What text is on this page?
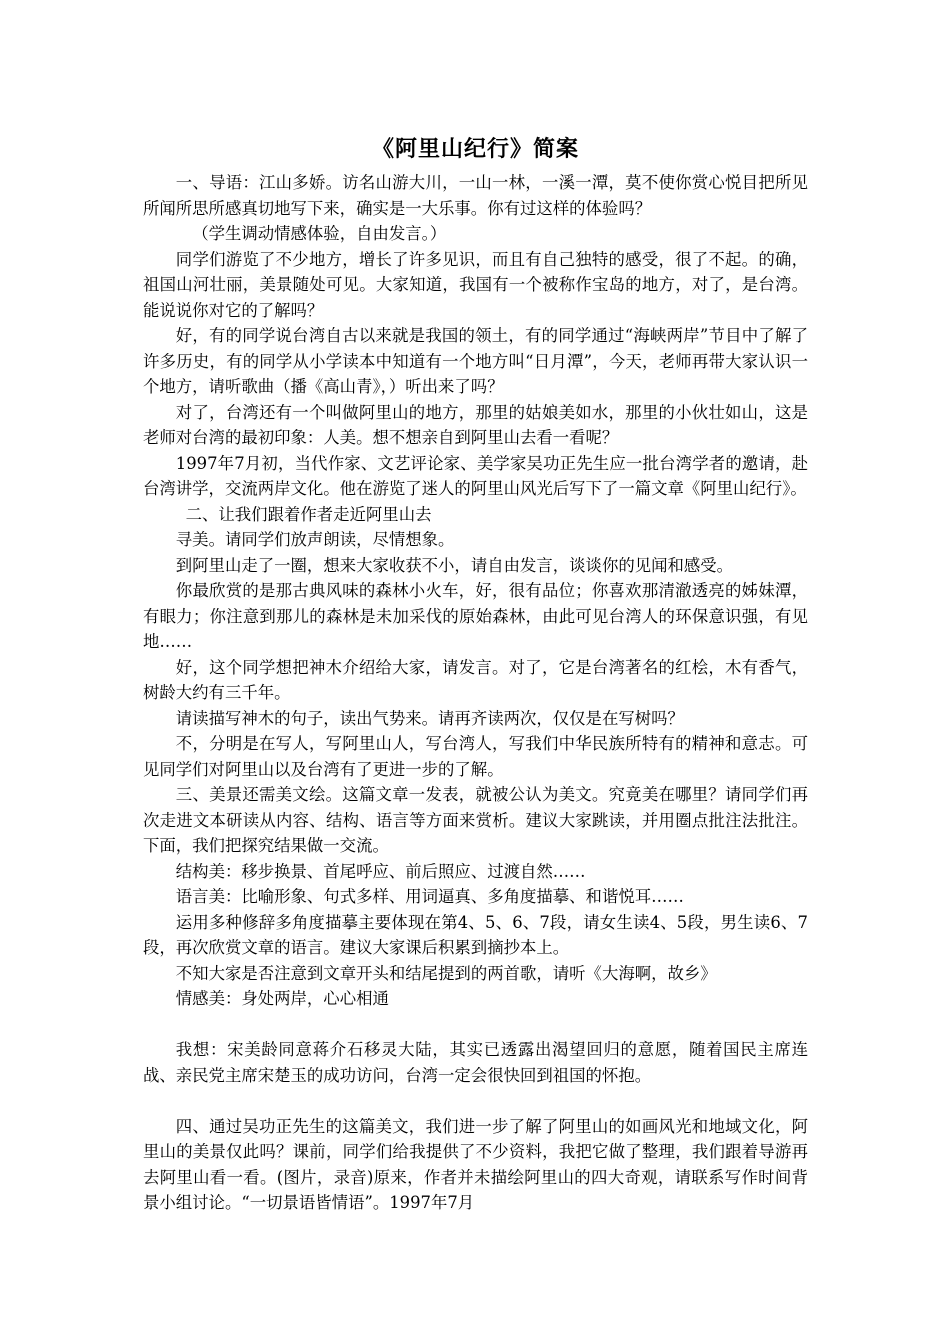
《阿里山纪行》简案

一、导语：江山多娇。访名山游大川，一山一林，一溪一潭，莫不使你赏心悦目把所见所闻所思所感真切地写下来，确实是一大乐事。你有过这样的体验吗？

（学生调动情感体验，自由发言。）

同学们游览了不少地方，增长了许多见识，而且有自己独特的感受，很了不起。的确，祖国山河壮丽，美景随处可见。大家知道，我国有一个被称作宝岛的地方，对了，是台湾。能说说你对它的了解吗？

好，有的同学说台湾自古以来就是我国的领土，有的同学通过“海峡两岸”节目中了解了许多历史，有的同学从小学读本中知道有一个地方叫“日月潭”，今天，老师再带大家认识一个地方，请听歌曲（播《高山青》，）听出来了吗？

对了，台湾还有一个叫做阿里山的地方，那里的姑娘美如水，那里的小伙壮如山，这是老师对台湾的最初印象：人美。想不想亲自到阿里山去看一看呢？

1997年7月初，当代作家、文艺评论家、美学家吴功正先生应一批台湾学者的邀请，赴台湾讲学，交流两岸文化。他在游览了迷人的阿里山风光后写下了一篇文章《阿里山纪行》。

二、让我们跟着作者走近阿里山去

寻美。请同学们放声朗读，尽情想象。

到阿里山走了一圈，想来大家收获不小，请自由发言，谈谈你的见闻和感受。

你最欣赏的是那古典风味的森林小火车，好，很有品位；你喜欢那清澈透亮的姊妹潭，有眼力；你注意到那儿的森林是未加采伐的原始森林，由此可见台湾人的环保意识强，有见地……

好，这个同学想把神木介绍给大家，请发言。对了，它是台湾著名的红桧，木有香气，树龄大约有三千年。

请读描写神木的句子，读出气势来。请再齐读两次，仅仅是在写树吗？

不，分明是在写人，写阿里山人，写台湾人，写我们中华民族所特有的精神和意志。可见同学们对阿里山以及台湾有了更进一步的了解。

三、美景还需美文绘。这篇文章一发表，就被公认为美文。究竟美在哪里？请同学们再次走进文本研读从内容、结构、语言等方面来赏析。建议大家跳读，并用圈点批注法批注。下面，我们把探究结果做一交流。

结构美：移步换景、首尾呼应、前后照应、过渡自然……

语言美：比喻形象、句式多样、用词逼真、多角度描摹、和谐悦耳……

运用多种修辞多角度描摹主要体现在第4、5、6、7段，请女生读4、5段，男生读6、7段，再次欣赏文章的语言。建议大家课后积累到摘抄本上。

不知大家是否注意到文章开头和结尾提到的两首歌，请听《大海啊，故乡》

情感美：身处两岸，心心相通

我想：宋美龄同意蒋介石移灵大陆，其实已透露出渴望回归的意愿，随着国民主席连战、亲民党主席宋楚玉的成功访问，台湾一定会很快回到祖国的怀抱。

四、通过吴功正先生的这篇美文，我们进一步了解了阿里山的如画风光和地域文化，阿里山的美景仅此吗？课前，同学们给我提供了不少资料，我把它做了整理，我们跟着导游再去阿里山看一看。(图片，录音)原来，作者并未描绘阿里山的四大奇观，请联系写作时间背景小组讨论。“一切景语皆情语”。1997年7月
